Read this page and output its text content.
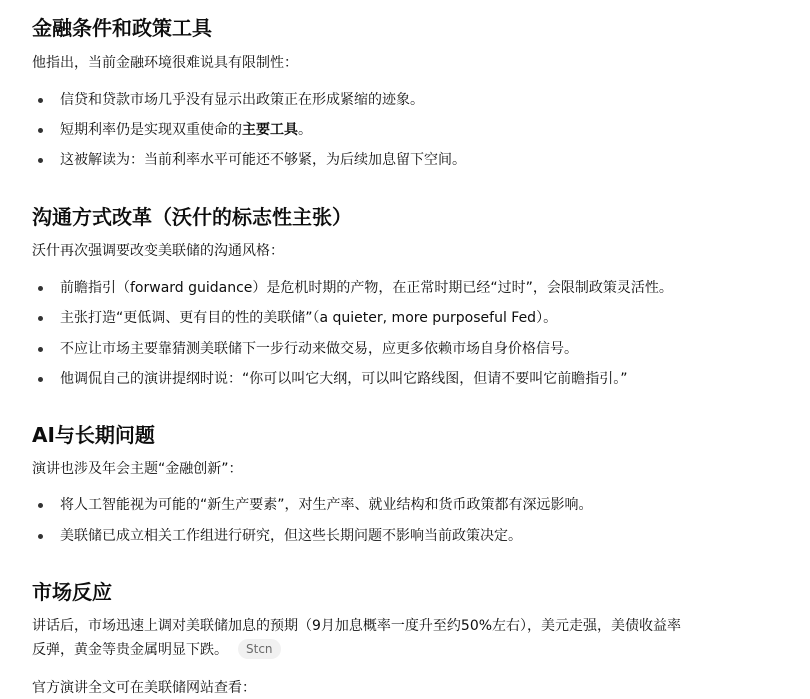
金融条件和政策工具

他指出，当前金融环境很难说具有限制性：

信贷和贷款市场几乎没有显示出政策正在形成紧缩的迹象。
短期利率仍是实现双重使命的主要工具。
这被解读为：当前利率水平可能还不够紧，为后续加息留下空间。
沟通方式改革（沃什的标志性主张）

沃什再次强调要改变美联储的沟通风格：

前瞻指引（forward guidance）是危机时期的产物，在正常时期已经“过时”，会限制政策灵活性。
主张打造“更低调、更有目的性的美联储”（a quieter, more purposeful Fed）。
不应让市场主要靠猜测美联储下一步行动来做交易，应更多依赖市场自身价格信号。
他调侃自己的演讲提纲时说：“你可以叫它大纲，可以叫它路线图，但请不要叫它前瞻指引。”
AI与长期问题

演讲也涉及年会主题“金融创新”：

将人工智能视为可能的“新生产要素”，对生产率、就业结构和货币政策都有深远影响。
美联储已成立相关工作组进行研究，但这些长期问题不影响当前政策决定。
市场反应

讲话后，市场迅速上调对美联储加息的预期（9月加息概率一度升至约50%左右），美元走强，美债收益率

反弹，黄金等贵金属明显下跌。 Stcn

官方演讲全文可在美联储网站查看：
